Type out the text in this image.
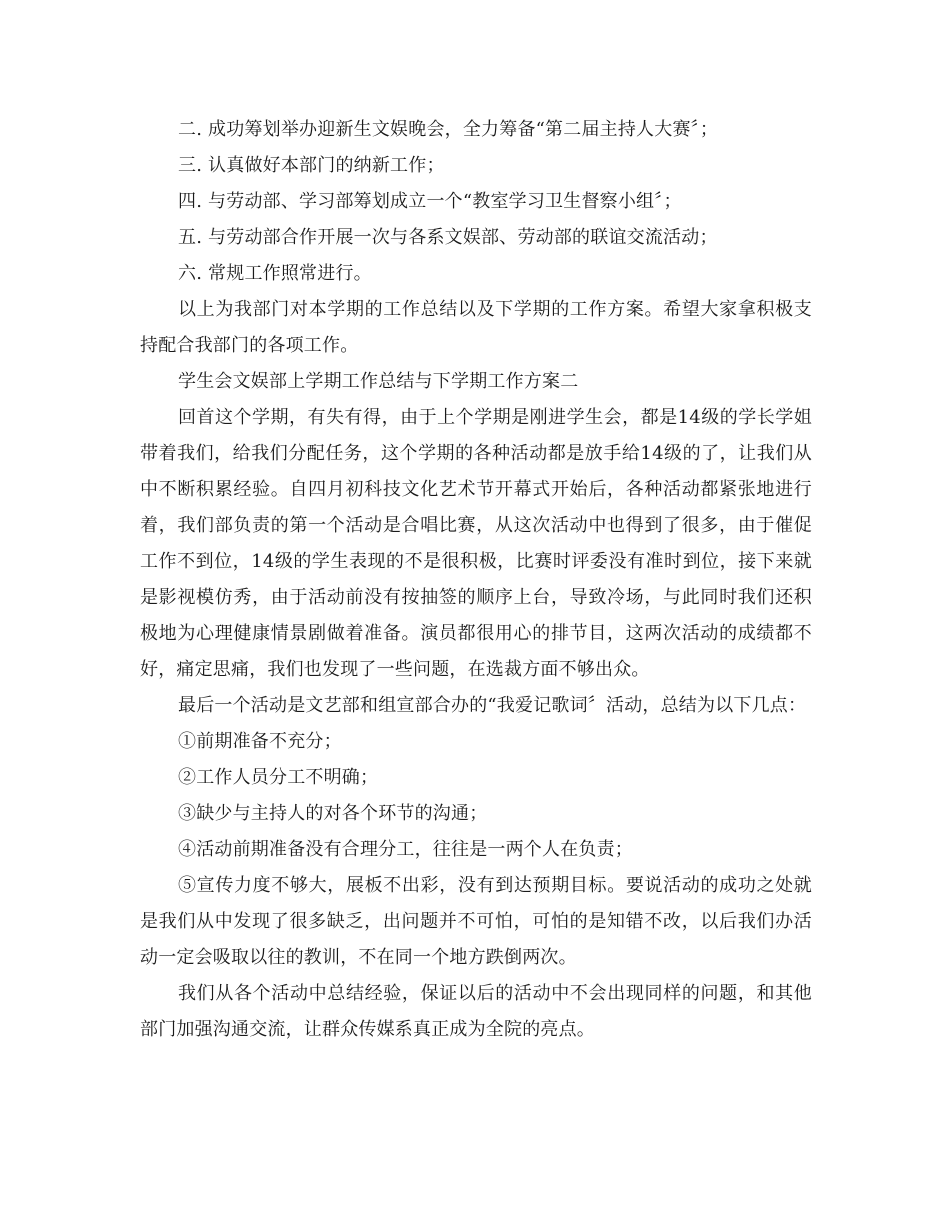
二. 成功筹划举办迎新生文娱晚会，全力筹备“第二届主持人大赛〞；

三. 认真做好本部门的纳新工作；

四. 与劳动部、学习部筹划成立一个“教室学习卫生督察小组〞；

五. 与劳动部合作开展一次与各系文娱部、劳动部的联谊交流活动；

六. 常规工作照常进行。

以上为我部门对本学期的工作总结以及下学期的工作方案。希望大家拿积极支持配合我部门的各项工作。

学生会文娱部上学期工作总结与下学期工作方案二

回首这个学期，有失有得，由于上个学期是刚进学生会，都是14级的学长学姐带着我们，给我们分配任务，这个学期的各种活动都是放手给14级的了，让我们从中不断积累经验。自四月初科技文化艺术节开幕式开始后，各种活动都紧张地进行着，我们部负责的第一个活动是合唱比赛，从这次活动中也得到了很多，由于催促工作不到位，14级的学生表现的不是很积极，比赛时评委没有准时到位，接下来就是影视模仿秀，由于活动前没有按抽签的顺序上台，导致冷场，与此同时我们还积极地为心理健康情景剧做着准备。演员都很用心的排节目，这两次活动的成绩都不好，痛定思痛，我们也发现了一些问题，在选裁方面不够出众。

最后一个活动是文艺部和组宣部合办的“我爱记歌词〞活动，总结为以下几点：

①前期准备不充分；

②工作人员分工不明确；

③缺少与主持人的对各个环节的沟通；

④活动前期准备没有合理分工，往往是一两个人在负责；

⑤宣传力度不够大，展板不出彩，没有到达预期目标。要说活动的成功之处就是我们从中发现了很多缺乏，出问题并不可怕，可怕的是知错不改，以后我们办活动一定会吸取以往的教训，不在同一个地方跌倒两次。

我们从各个活动中总结经验，保证以后的活动中不会出现同样的问题，和其他部门加强沟通交流，让群众传媒系真正成为全院的亮点。
